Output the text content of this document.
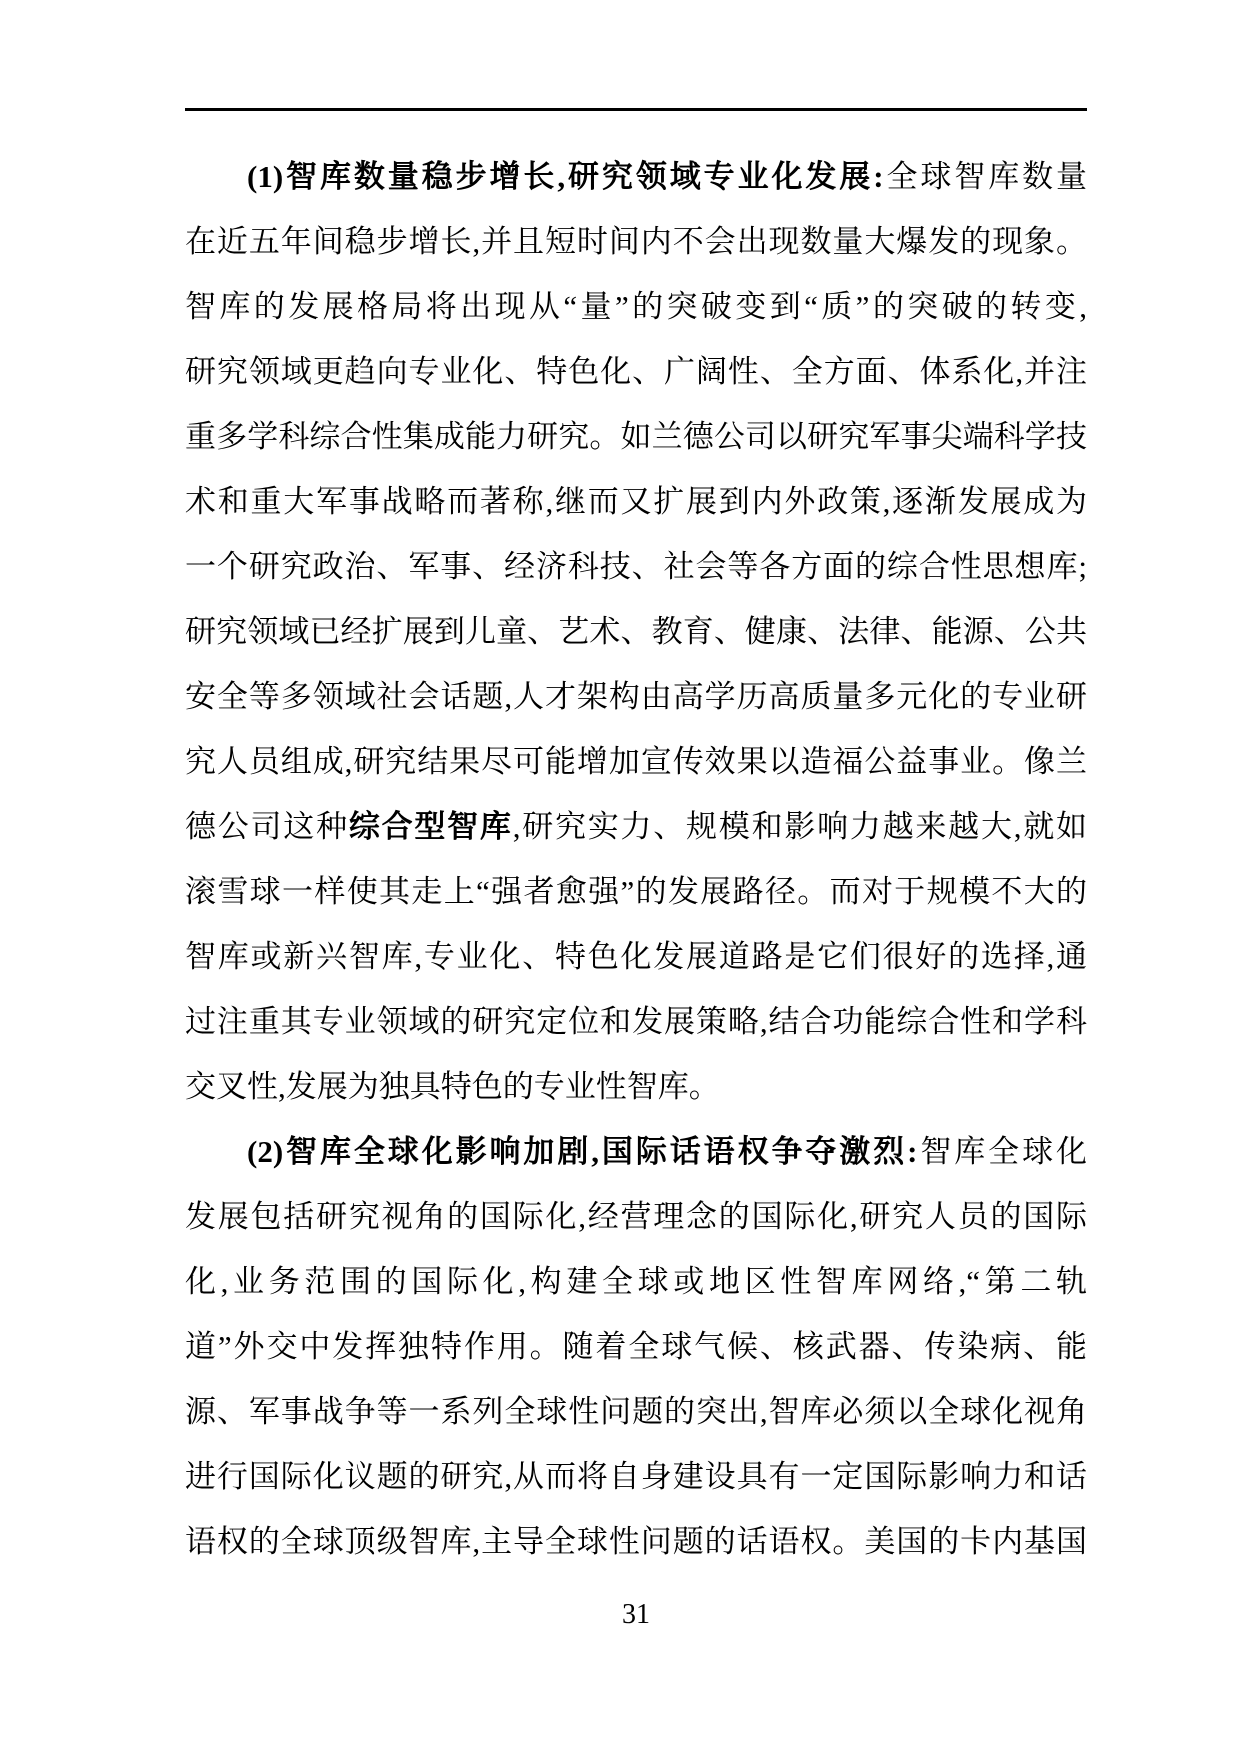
(1)智库数量稳步增长,研究领域专业化发展:全球智库数量
在近五年间稳步增长,并且短时间内不会出现数量大爆发的现象。
智库的发展格局将出现从“量”的突破变到“质”的突破的转变,
研究领域更趋向专业化、特色化、广阔性、全方面、体系化,并注
重多学科综合性集成能力研究。如兰德公司以研究军事尖端科学技
术和重大军事战略而著称,继而又扩展到内外政策,逐渐发展成为
一个研究政治、军事、经济科技、社会等各方面的综合性思想库;
研究领域已经扩展到儿童、艺术、教育、健康、法律、能源、公共
安全等多领域社会话题,人才架构由高学历高质量多元化的专业研
究人员组成,研究结果尽可能增加宣传效果以造福公益事业。像兰
德公司这种综合型智库,研究实力、规模和影响力越来越大,就如
滚雪球一样使其走上“强者愈强”的发展路径。而对于规模不大的
智库或新兴智库,专业化、特色化发展道路是它们很好的选择,通
过注重其专业领域的研究定位和发展策略,结合功能综合性和学科
交叉性,发展为独具特色的专业性智库。
(2)智库全球化影响加剧,国际话语权争夺激烈:智库全球化
发展包括研究视角的国际化,经营理念的国际化,研究人员的国际
化,业务范围的国际化,构建全球或地区性智库网络,“第二轨
道”外交中发挥独特作用。随着全球气候、核武器、传染病、能
源、军事战争等一系列全球性问题的突出,智库必须以全球化视角
进行国际化议题的研究,从而将自身建设具有一定国际影响力和话
语权的全球顶级智库,主导全球性问题的话语权。美国的卡内基国
31
